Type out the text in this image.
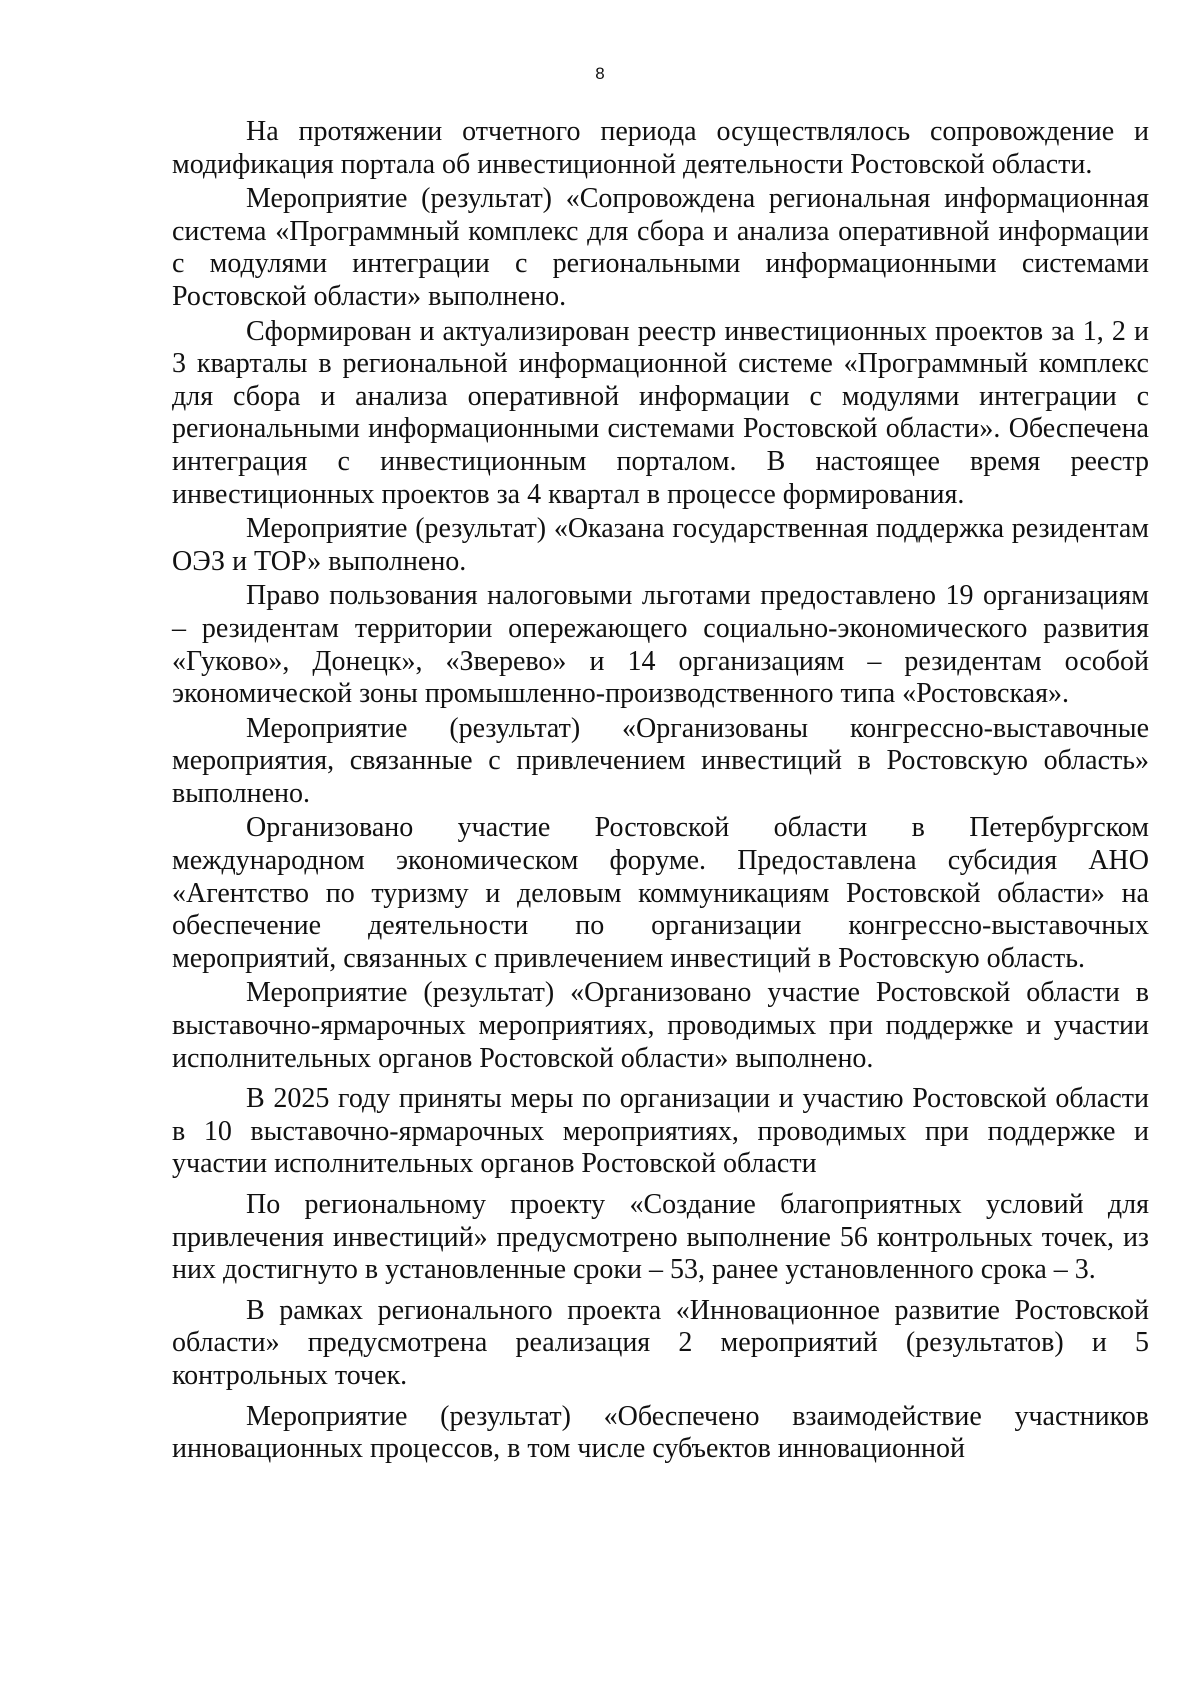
8

На протяжении отчетного периода осуществлялось сопровождение и модификация портала об инвестиционной деятельности Ростовской области.

Мероприятие (результат) «Сопровождена региональная информационная система «Программный комплекс для сбора и анализа оперативной информации с модулями интеграции с региональными информационными системами Ростовской области» выполнено.

Сформирован и актуализирован реестр инвестиционных проектов за 1, 2 и 3 кварталы в региональной информационной системе «Программный комплекс для сбора и анализа оперативной информации с модулями интеграции с региональными информационными системами Ростовской области». Обеспечена интеграция с инвестиционным порталом. В настоящее время реестр инвестиционных проектов за 4 квартал в процессе формирования.

Мероприятие (результат) «Оказана государственная поддержка резидентам ОЭЗ и ТОР» выполнено.

Право пользования налоговыми льготами предоставлено 19 организациям – резидентам территории опережающего социально-экономического развития «Гуково», Донецк», «Зверево» и 14 организациям – резидентам особой экономической зоны промышленно-производственного типа «Ростовская».

Мероприятие (результат) «Организованы конгрессно-выставочные мероприятия, связанные с привлечением инвестиций в Ростовскую область» выполнено.

Организовано участие Ростовской области в Петербургском международном экономическом форуме. Предоставлена субсидия АНО «Агентство по туризму и деловым коммуникациям Ростовской области» на обеспечение деятельности по организации конгрессно-выставочных мероприятий, связанных с привлечением инвестиций в Ростовскую область.

Мероприятие (результат) «Организовано участие Ростовской области в выставочно-ярмарочных мероприятиях, проводимых при поддержке и участии исполнительных органов Ростовской области» выполнено.

В 2025 году приняты меры по организации и участию Ростовской области в 10 выставочно-ярмарочных мероприятиях, проводимых при поддержке и участии исполнительных органов Ростовской области

По региональному проекту «Создание благоприятных условий для привлечения инвестиций» предусмотрено выполнение 56 контрольных точек, из них достигнуто в установленные сроки – 53, ранее установленного срока – 3.

В рамках регионального проекта «Инновационное развитие Ростовской области» предусмотрена реализация 2 мероприятий (результатов) и 5 контрольных точек.

Мероприятие (результат) «Обеспечено взаимодействие участников инновационных процессов, в том числе субъектов инновационной
